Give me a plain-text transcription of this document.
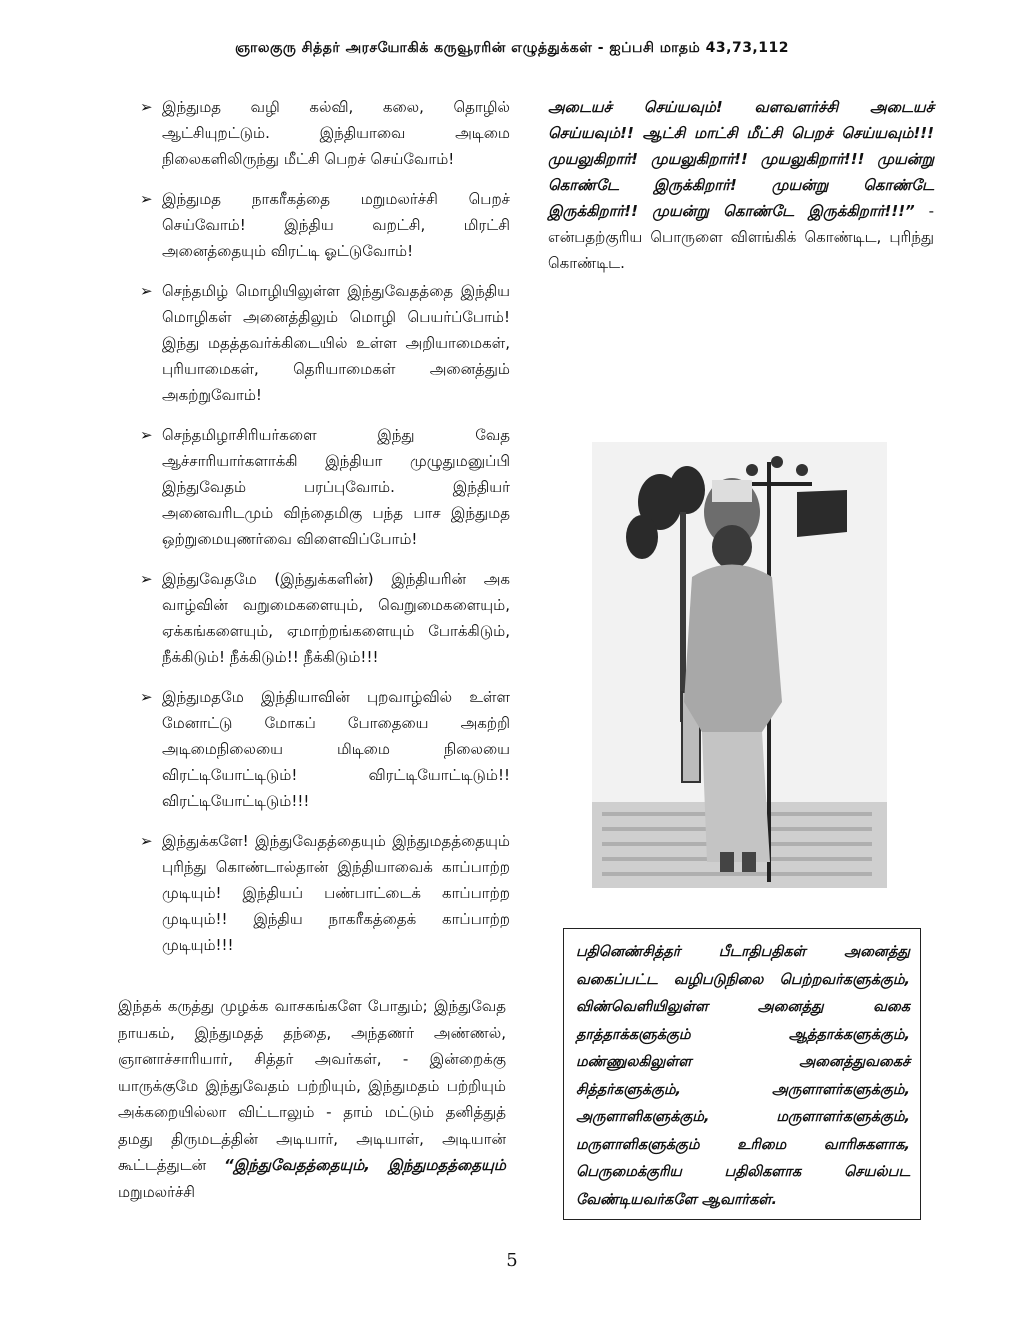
ஞாலகுரு சித்தர் அரசயோகிக் கருவூரரின் எழுத்துக்கள் - ஐப்பசி மாதம் 43,73,112
➢ இந்துமத வழி கல்வி, கலை, தொழில் ஆட்சியுறட்டும். இந்தியாவை அடிமை நிலைகளிலிருந்து மீட்சி பெறச் செய்வோம்!
➢ இந்துமத நாகரீகத்தை மறுமலர்ச்சி பெறச் செய்வோம்! இந்திய வறட்சி, மிரட்சி அனைத்தையும் விரட்டி ஓட்டுவோம்!
➢ செந்தமிழ் மொழியிலுள்ள இந்துவேதத்தை இந்திய மொழிகள் அனைத்திலும் மொழி பெயர்ப்போம்! இந்து மதத்தவர்க்கிடையில் உள்ள அறியாமைகள், புரியாமைகள், தெரியாமைகள் அனைத்தும் அகற்றுவோம்!
➢ செந்தமிழாசிரியர்களை இந்து வேத ஆச்சாரியார்களாக்கி இந்தியா முழுதுமனுப்பி இந்துவேதம் பரப்புவோம். இந்தியர் அனைவரிடமும் விந்தைமிகு பந்த பாச இந்துமத ஒற்றுமையுணர்வை விளைவிப்போம்!
➢ இந்துவேதமே (இந்துக்களின்) இந்தியரின் அக வாழ்வின் வறுமைகளையும், வெறுமைகளையும், ஏக்கங்களையும், ஏமாற்றங்களையும் போக்கிடும், நீக்கிடும்! நீக்கிடும்!! நீக்கிடும்!!!
➢ இந்துமதமே இந்தியாவின் புறவாழ்வில் உள்ள மேனாட்டு மோகப் போதையை அகற்றி அடிமைநிலையை மிடிமை நிலையை விரட்டியோட்டிடும்! விரட்டியோட்டிடும்!! விரட்டியோட்டிடும்!!!
➢ இந்துக்களே! இந்துவேதத்தையும் இந்துமதத்தையும் புரிந்து கொண்டால்தான் இந்தியாவைக் காப்பாற்ற முடியும்! இந்தியப் பண்பாட்டைக் காப்பாற்ற முடியும்!! இந்திய நாகரீகத்தைக் காப்பாற்ற முடியும்!!!
இந்தக் கருத்து முழக்க வாசகங்களே போதும்; இந்துவேத நாயகம், இந்துமதத் தந்தை, அந்தணர் அண்ணல், ஞானாச்சாரியார், சித்தர் அவர்கள், - இன்றைக்கு யாருக்குமே இந்துவேதம் பற்றியும், இந்துமதம் பற்றியும் அக்கறையில்லா விட்டாலும் - தாம் மட்டும் தனித்துத் தமது திருமடத்தின் அடியார், அடியாள், அடியான் கூட்டத்துடன் “இந்துவேதத்தையும், இந்துமதத்தையும் மறுமலர்ச்சி
அடையச் செய்யவும்! வளவளர்ச்சி அடையச் செய்யவும்!! ஆட்சி மாட்சி மீட்சி பெறச் செய்யவும்!!! முயலுகிறார்! முயலுகிறார்!! முயலுகிறார்!!! முயன்று கொண்டே இருக்கிறார்! முயன்று கொண்டே இருக்கிறார்!! முயன்று கொண்டே இருக்கிறார்!!!” - என்பதற்குரிய பொருளை விளங்கிக் கொண்டிட, புரிந்து கொண்டிட.
பதினெண்சித்தர் பீடாதிபதிகள் அனைத்து வகைப்பட்ட வழிபடுநிலை பெற்றவர்களுக்கும், விண்வெளியிலுள்ள அனைத்து வகை தாத்தாக்களுக்கும் ஆத்தாக்களுக்கும், மண்ணுலகிலுள்ள அனைத்துவகைச் சித்தர்களுக்கும், அருளாளர்களுக்கும், அருளாளிகளுக்கும், மருளாளர்களுக்கும், மருளாளிகளுக்கும் உரிமை வாரிசுகளாக, பெருமைக்குரிய பதிலிகளாக செயல்பட வேண்டியவர்களே ஆவார்கள்.
5
